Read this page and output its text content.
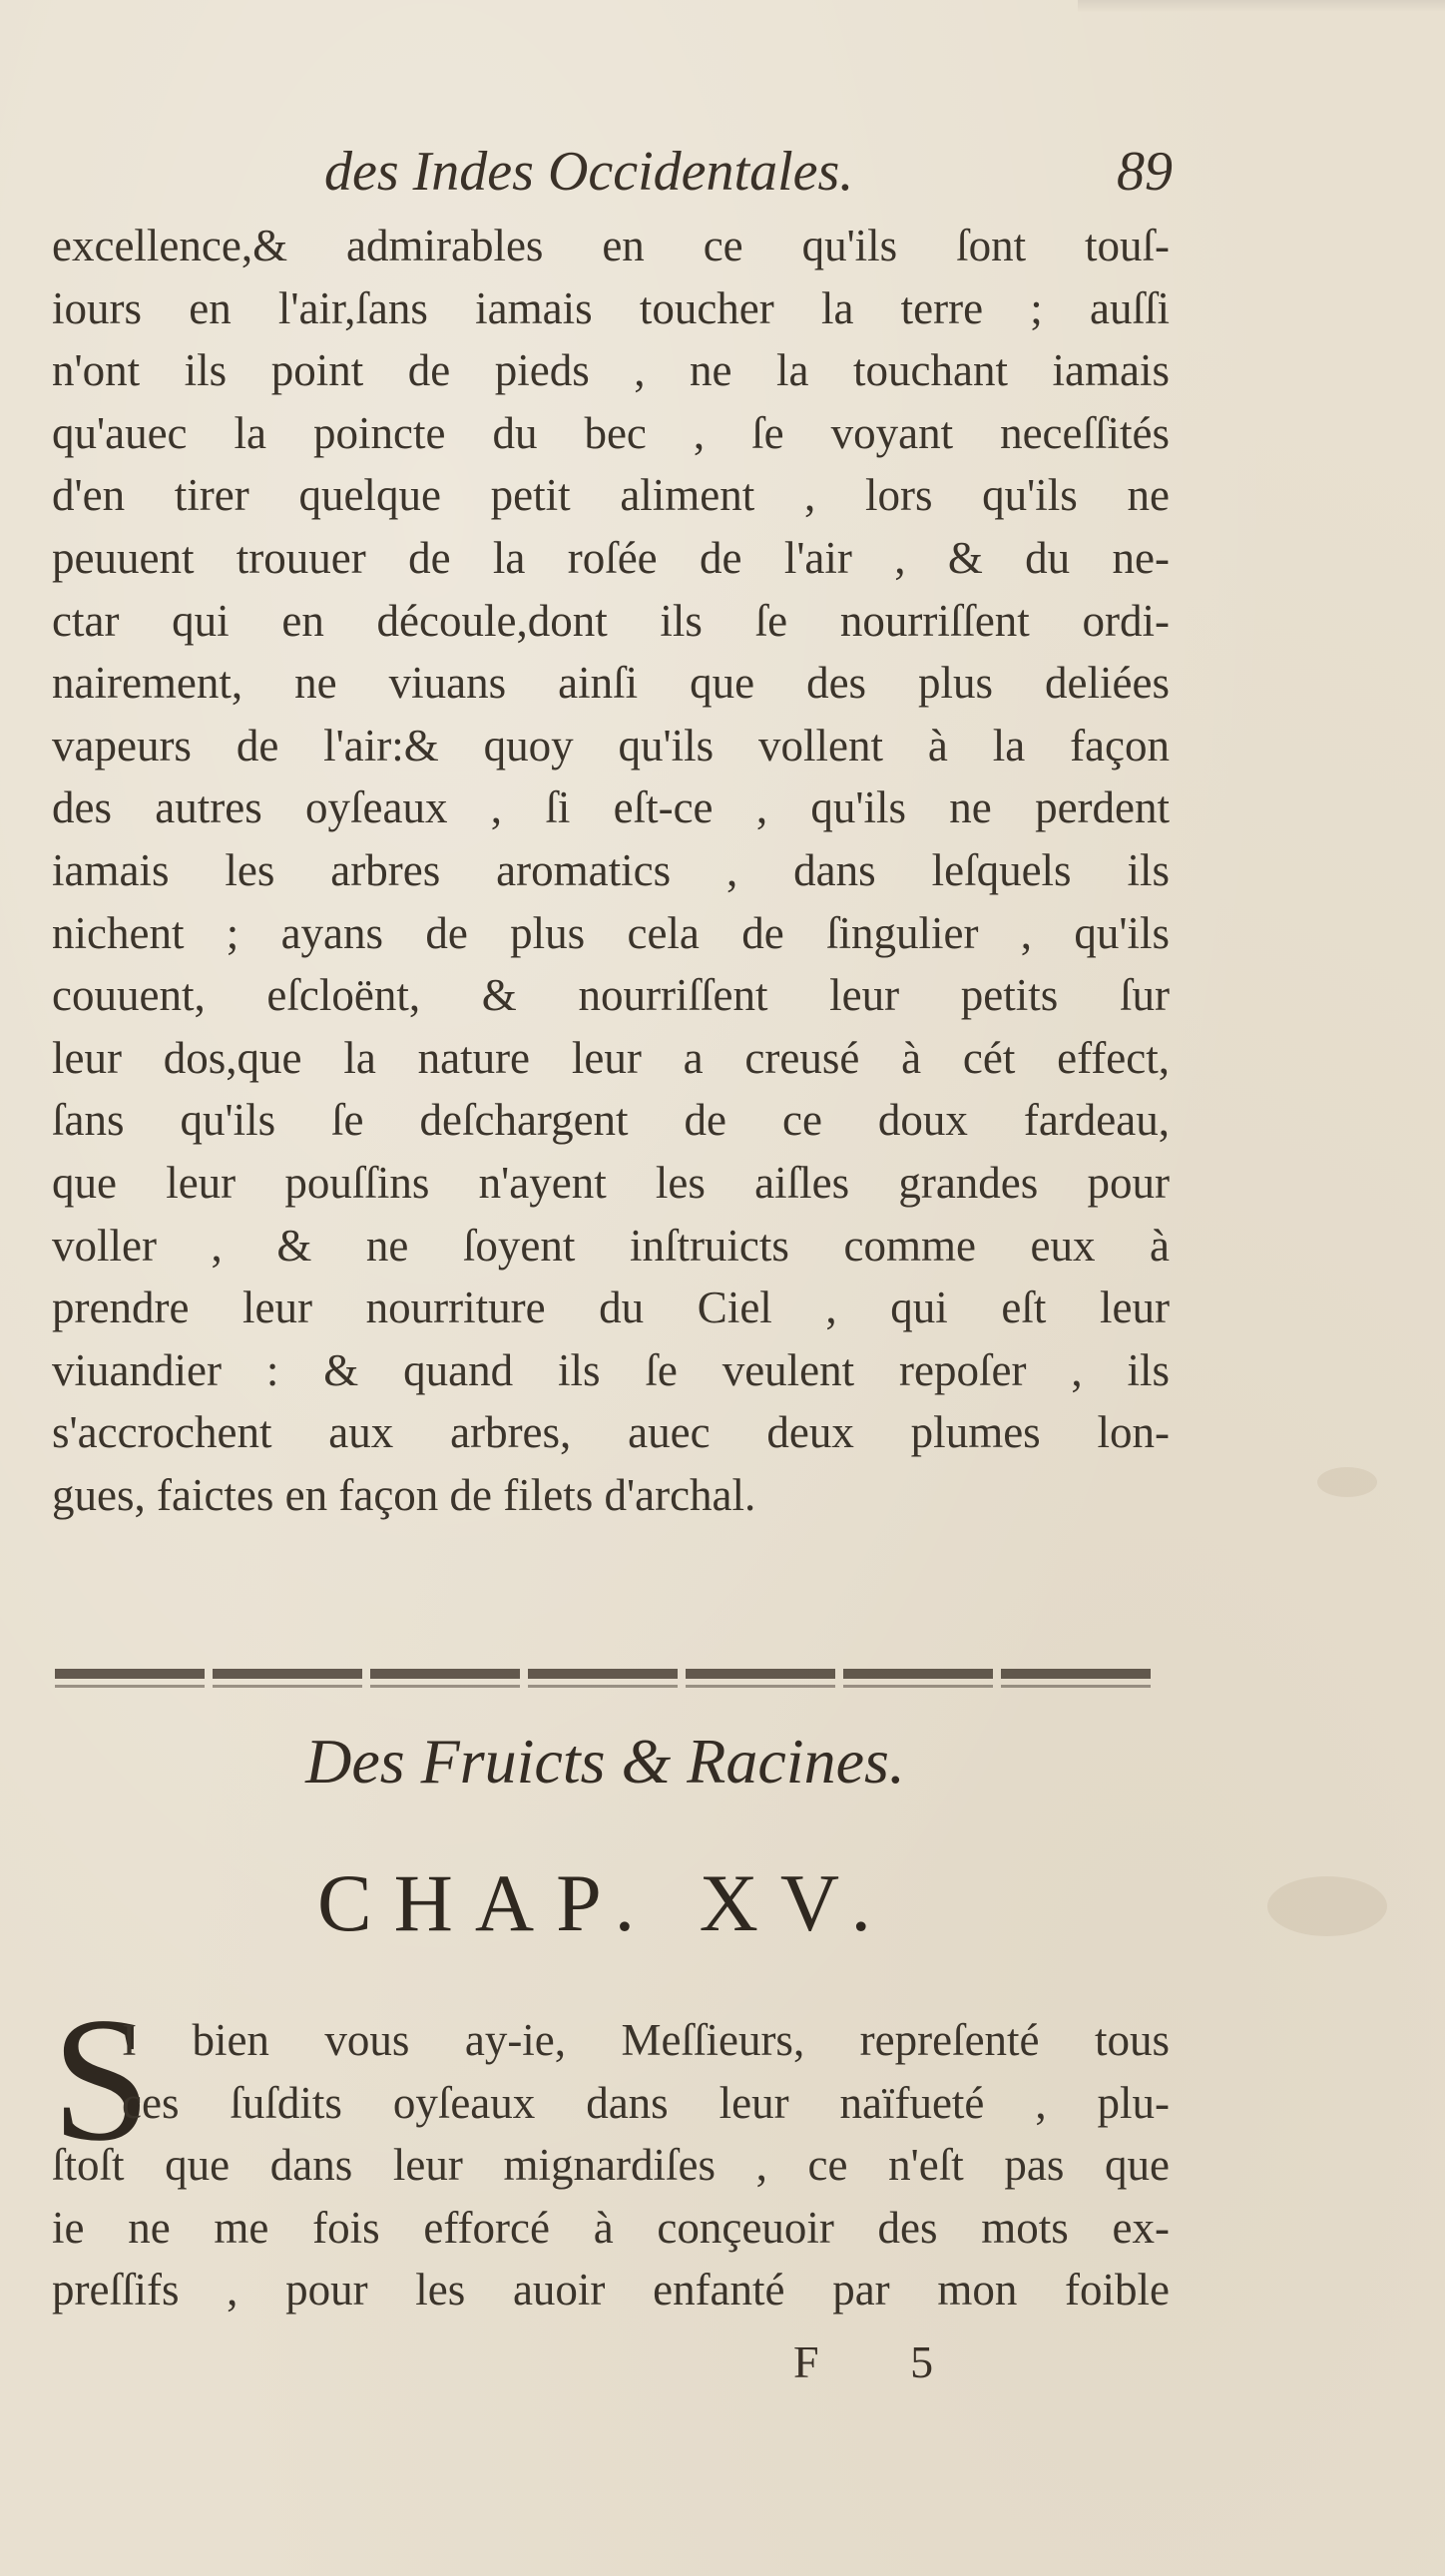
des Indes Occidentales.	89
excellence,& admirables en ce qu'ils ſont touſ-
iours en l'air,ſans iamais toucher la terre ; auſſi
n'ont ils point de pieds , ne la touchant iamais
qu'auec la poincte du bec , ſe voyant neceſſités
d'en tirer quelque petit aliment , lors qu'ils ne
peuuent trouuer de la roſée de l'air , & du ne-
ctar qui en découle,dont ils ſe nourriſſent ordi-
nairement, ne viuans ainſi que des plus deliées
vapeurs de l'air:& quoy qu'ils vollent à la façon
des autres oyſeaux , ſi eſt-ce , qu'ils ne perdent
iamais les arbres aromatics , dans leſquels ils
nichent ; ayans de plus cela de ſingulier , qu'ils
couuent, eſcloënt, & nourriſſent leur petits ſur
leur dos,que la nature leur a creusé à cét effect,
ſans qu'ils ſe deſchargent de ce doux fardeau,
que leur pouſſins n'ayent les aiſles grandes pour
voller , & ne ſoyent inſtruicts comme eux à
prendre leur nourriture du Ciel , qui eſt leur
viuandier : & quand ils ſe veulent repoſer , ils
s'accrochent aux arbres, auec deux plumes lon-
gues, faictes en façon de filets d'archal.
Des Fruicts & Racines.
CHAP. XV.
S
I bien vous ay-ie, Meſſieurs, repreſenté tous
ces ſuſdits oyſeaux dans leur naïfueté , plu-
ſtoſt que dans leur mignardiſes , ce n'eſt pas que
ie ne me fois efforcé à conçeuoir des mots ex-
preſſifs , pour les auoir enfanté par mon foible
F 5
